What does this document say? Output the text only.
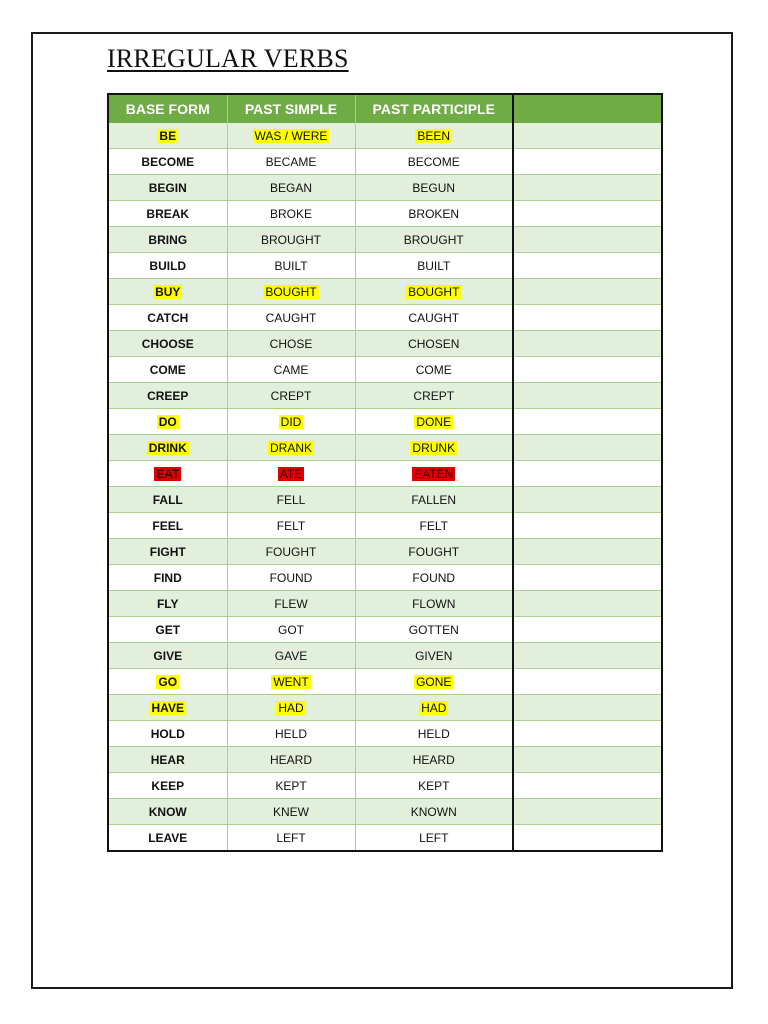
IRREGULAR VERBS
BASE FORM	PAST SIMPLE	PAST PARTICIPLE	
BE	WAS / WERE	BEEN	
BECOME	BECAME	BECOME	
BEGIN	BEGAN	BEGUN	
BREAK	BROKE	BROKEN	
BRING	BROUGHT	BROUGHT	
BUILD	BUILT	BUILT	
BUY	BOUGHT	BOUGHT	
CATCH	CAUGHT	CAUGHT	
CHOOSE	CHOSE	CHOSEN	
COME	CAME	COME	
CREEP	CREPT	CREPT	
DO	DID	DONE	
DRINK	DRANK	DRUNK	
EAT	ATE	EATEN	
FALL	FELL	FALLEN	
FEEL	FELT	FELT	
FIGHT	FOUGHT	FOUGHT	
FIND	FOUND	FOUND	
FLY	FLEW	FLOWN	
GET	GOT	GOTTEN	
GIVE	GAVE	GIVEN	
GO	WENT	GONE	
HAVE	HAD	HAD	
HOLD	HELD	HELD	
HEAR	HEARD	HEARD	
KEEP	KEPT	KEPT	
KNOW	KNEW	KNOWN	
LEAVE	LEFT	LEFT	
